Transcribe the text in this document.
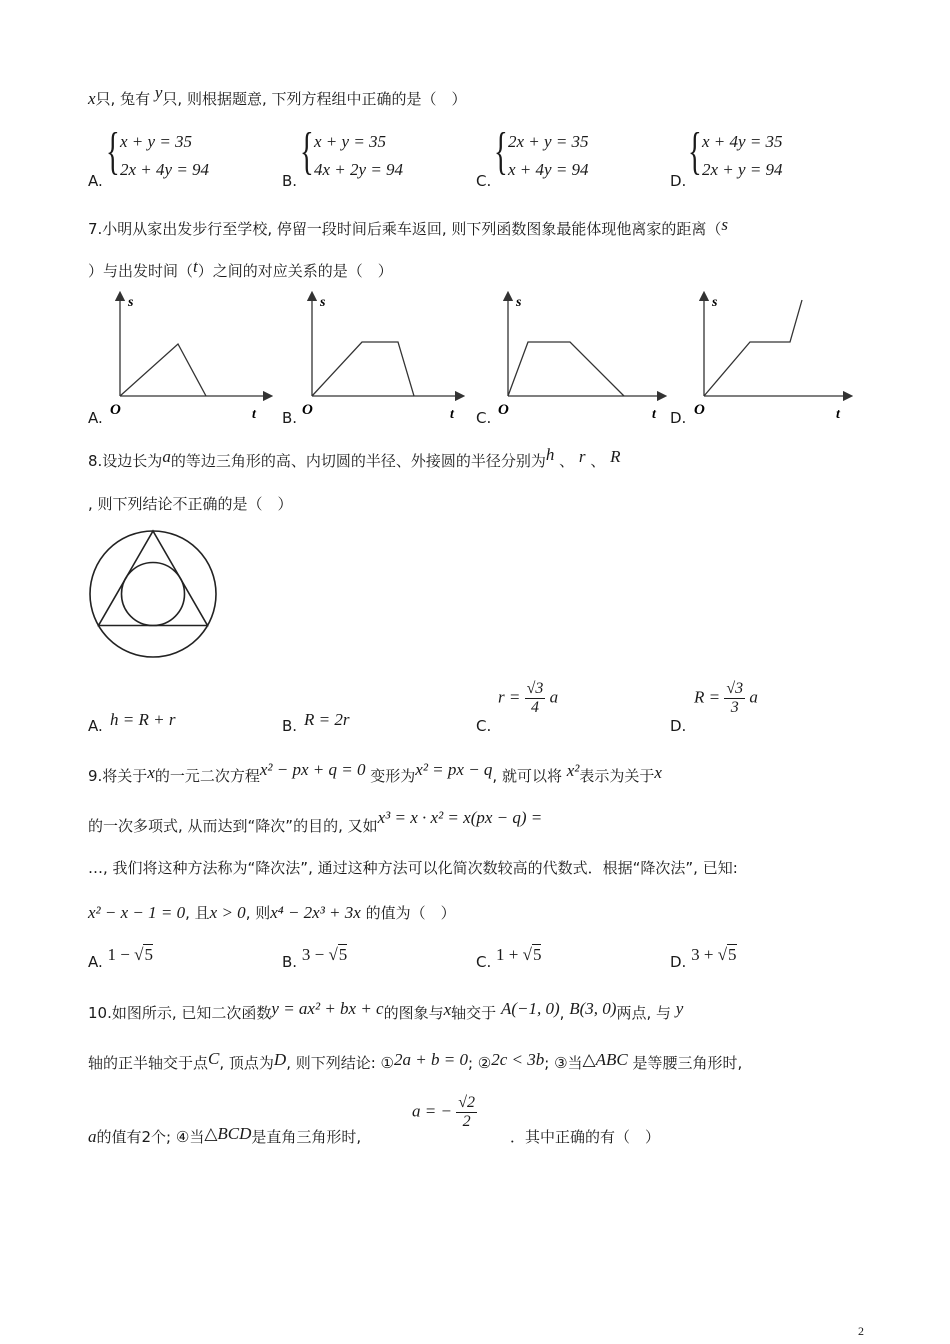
x只, 兔有 y只, 则根据题意, 下列方程组中正确的是（　）
A.
{ x + y = 35
2x + 4y = 94
B.
{ x + y = 35
4x + 2y = 94
C.
{ 2x + y = 35
x + 4y = 94
D.
{ x + 4y = 35
2x + y = 94
7.小明从家出发步行至学校, 停留一段时间后乘车返回, 则下列函数图象最能体现他离家的距离（s
）与出发时间（t）之间的对应关系的是（　）
s
O	t
A.
s
O	t
B.
s
O	t
C.
s
O	t
D.
8.设边长为a的等边三角形的高、内切圆的半径、外接圆的半径分别为h 、 r 、 R
, 则下列结论不正确的是（　）
A. h = R + r	B. R = 2r	C.
$r = \frac{√3}{4}$ a
D.
$R = \frac{√3}{3}$ a
9.将关于x的一元二次方程x² − px + q = 0 变形为x² = px − q, 就可以将 x²表示为关于x
的一次多项式, 从而达到“降次”的目的, 又如x³ = x · x² = x(px − q) =
…, 我们将这种方法称为“降次法”, 通过这种方法可以化简次数较高的代数式．根据“降次法”, 已知:
x² − x − 1 = 0, 且x > 0, 则x⁴ − 2x³ + 3x 的值为（　）
A. 1 − √5	B. 3 − √5	C. 1 + √5	D. 3 + √5
10.如图所示, 已知二次函数y = ax² + bx + c的图象与x轴交于 A(−1, 0), B(3, 0)两点, 与 y
轴的正半轴交于点C, 顶点为D, 则下列结论: ①2a + b = 0; ②2c < 3b; ③当△ABC 是等腰三角形时,
a的值有2个; ④当△BCD是直角三角形时,
a = − $\frac{√2}{2}$
．其中正确的有（　）
2
